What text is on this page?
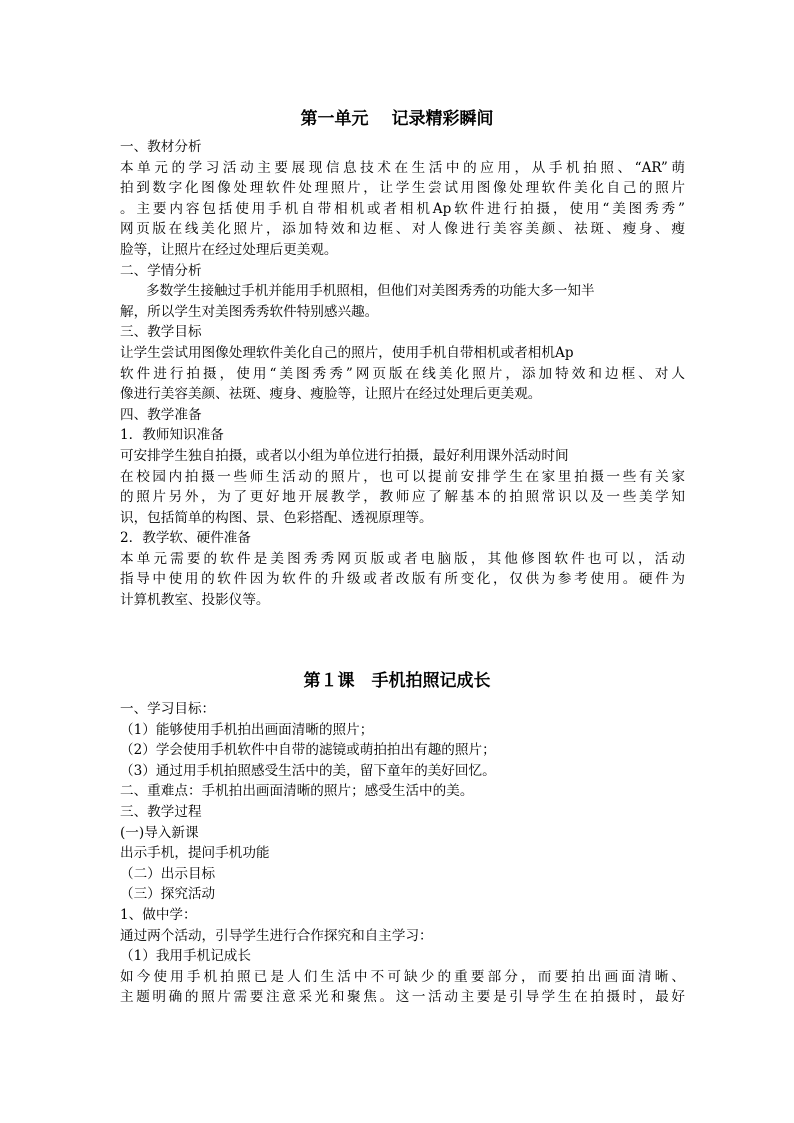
第一单元　 记录精彩瞬间

一、教材分析

本单元的学习活动主要展现信息技术在生活中的应用，从手机拍照、“AR”萌

拍到数字化图像处理软件处理照片，让学生尝试用图像处理软件美化自己的照片

。主要内容包括使用手机自带相机或者相机Ap软件进行拍摄，使用“美图秀秀”

网页版在线美化照片，添加特效和边框、对人像进行美容美颜、祛斑、瘦身、瘦

脸等，让照片在经过处理后更美观。

二、学情分析

多数学生接触过手机并能用手机照相，但他们对美图秀秀的功能大多一知半

解，所以学生对美图秀秀软件特别感兴趣。

三、教学目标

让学生尝试用图像处理软件美化自己的照片，使用手机自带相机或者相机Ap

软件进行拍摄，使用“美图秀秀”网页版在线美化照片，添加特效和边框、对人

像进行美容美颜、祛斑、瘦身、瘦脸等，让照片在经过处理后更美观。

四、教学准备

1．教师知识准备

可安排学生独自拍摄，或者以小组为单位进行拍摄，最好利用课外活动时间

在校园内拍摄一些师生活动的照片，也可以提前安排学生在家里拍摄一些有关家

的照片另外，为了更好地开展教学，教师应了解基本的拍照常识以及一些美学知

识，包括简单的构图、景、色彩搭配、透视原理等。

2．教学软、硬件准备

本单元需要的软件是美图秀秀网页版或者电脑版，其他修图软件也可以，活动

指导中使用的软件因为软件的升级或者改版有所变化，仅供为参考使用。硬件为

计算机教室、投影仪等。

第１课　手机拍照记成长

一、学习目标：

（1）能够使用手机拍出画面清晰的照片；

（2）学会使用手机软件中自带的滤镜或萌拍拍出有趣的照片；

（3）通过用手机拍照感受生活中的美，留下童年的美好回忆。

二、重难点：手机拍出画面清晰的照片；感受生活中的美。

三、教学过程

(一)导入新课

出示手机，提问手机功能

（二）出示目标

（三）探究活动

1、做中学：

通过两个活动，引导学生进行合作探究和自主学习：

（1）我用手机记成长

如今使用手机拍照已是人们生活中不可缺少的重要部分，而要拍出画面清晰、

主题明确的照片需要注意采光和聚焦。这一活动主要是引导学生在拍摄时，最好
